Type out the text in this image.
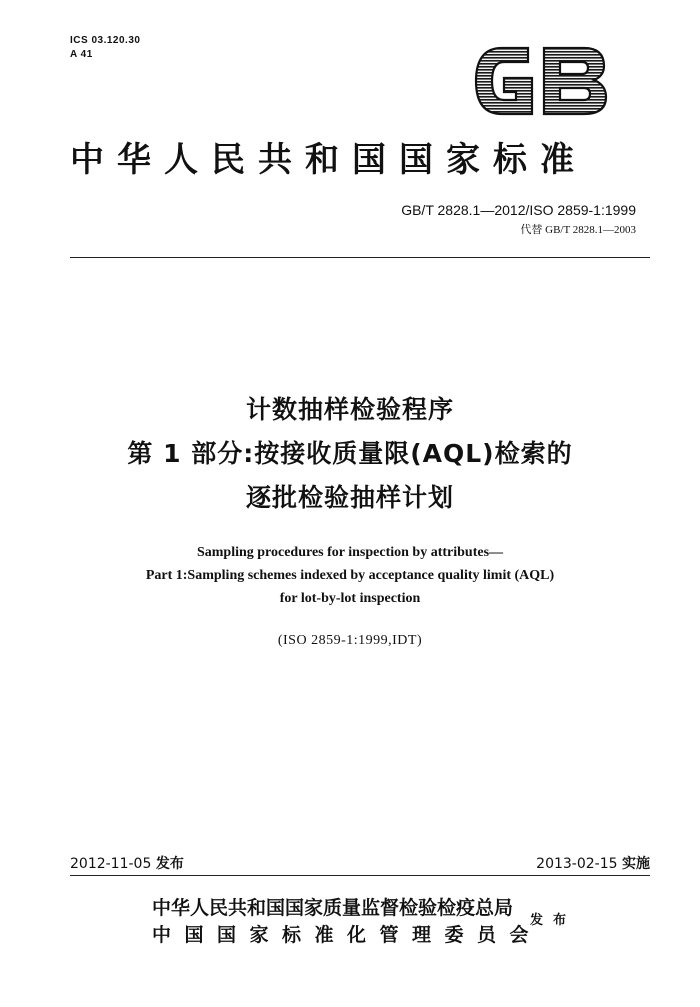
ICS 03.120.30
A 41
中华人民共和国国家标准
GB/T 2828.1—2012/ISO 2859-1:1999
代替 GB/T 2828.1—2003
计数抽样检验程序
第 1 部分:按接收质量限(AQL)检索的
逐批检验抽样计划
Sampling procedures for inspection by attributes—
Part 1:Sampling schemes indexed by acceptance quality limit (AQL)
for lot-by-lot inspection
(ISO 2859-1:1999,IDT)
2012-11-05 发布	2013-02-15 实施
中华人民共和国国家质量监督检验检疫总局
中国国家标准化管理委员会
发布
